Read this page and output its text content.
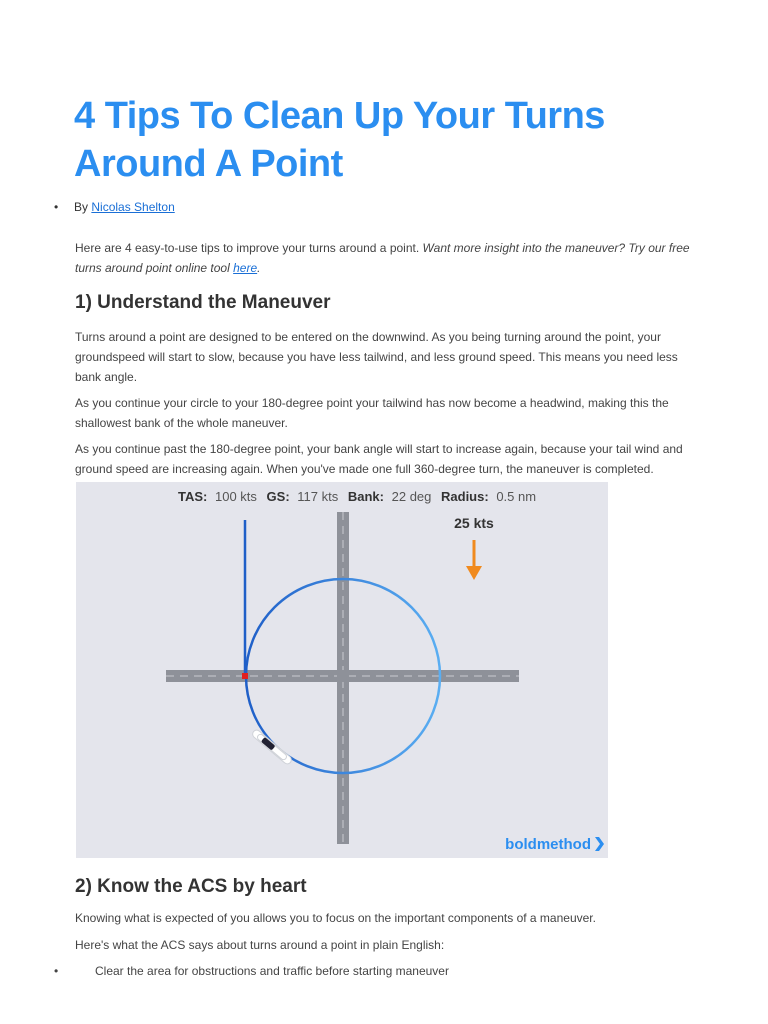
4 Tips To Clean Up Your Turns Around A Point
• By Nicolas Shelton

Here are 4 easy-to-use tips to improve your turns around a point. Want more insight into the maneuver? Try our free turns around point online tool here.

1) Understand the Maneuver

Turns around a point are designed to be entered on the downwind. As you being turning around the point, your groundspeed will start to slow, because you have less tailwind, and less ground speed. This means you need less bank angle.

As you continue your circle to your 180-degree point your tailwind has now become a headwind, making this the shallowest bank of the whole maneuver.

As you continue past the 180-degree point, your bank angle will start to increase again, because your tail wind and ground speed are increasing again. When you've made one full 360-degree turn, the maneuver is completed.

TAS: 100 kts GS: 117 kts Bank: 22 deg Radius: 0.5 nm
25 kts
boldmethod
2) Know the ACS by heart

Knowing what is expected of you allows you to focus on the important components of a maneuver.

Here's what the ACS says about turns around a point in plain English:

•	Clear the area for obstructions and traffic before starting maneuver
